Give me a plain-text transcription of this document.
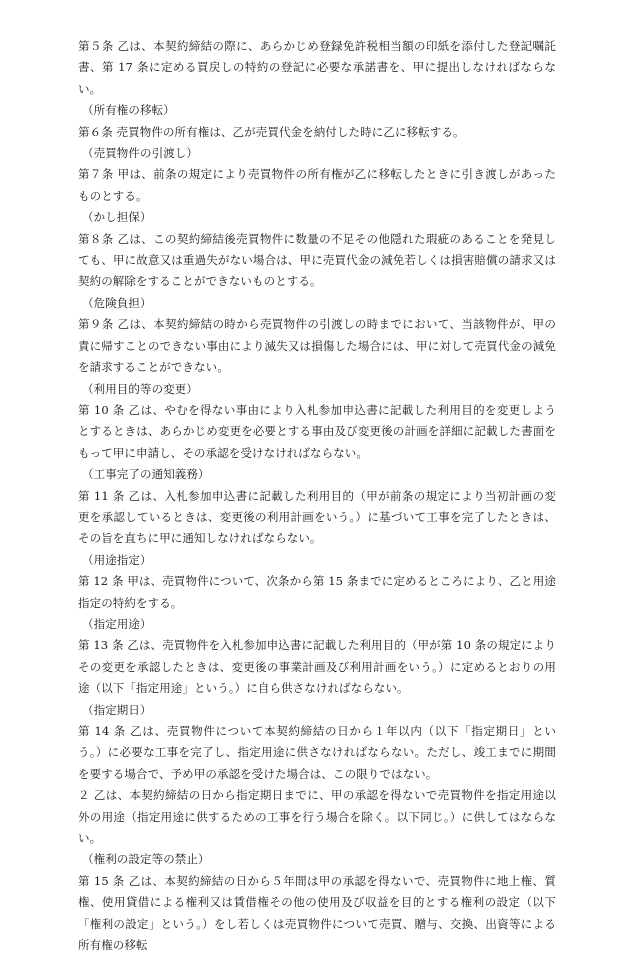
第５条 乙は、本契約締結の際に、あらかじめ登録免許税相当額の印紙を添付した登記嘱託書、第 17 条に定める買戻しの特約の登記に必要な承諾書を、甲に提出しなければならない。
（所有権の移転）
第６条 売買物件の所有権は、乙が売買代金を納付した時に乙に移転する。
（売買物件の引渡し）
第７条 甲は、前条の規定により売買物件の所有権が乙に移転したときに引き渡しがあったものとする。
（かし担保）
第８条 乙は、この契約締結後売買物件に数量の不足その他隠れた瑕疵のあることを発見しても、甲に故意又は重過失がない場合は、甲に売買代金の減免若しくは損害賠償の請求又は契約の解除をすることができないものとする。
（危険負担）
第９条 乙は、本契約締結の時から売買物件の引渡しの時までにおいて、当該物件が、甲の責に帰すことのできない事由により滅失又は損傷した場合には、甲に対して売買代金の減免を請求することができない。
（利用目的等の変更）
第 10 条 乙は、やむを得ない事由により入札参加申込書に記載した利用目的を変更しようとするときは、あらかじめ変更を必要とする事由及び変更後の計画を詳細に記載した書面をもって甲に申請し、その承認を受けなければならない。
（工事完了の通知義務）
第 11 条 乙は、入札参加申込書に記載した利用目的（甲が前条の規定により当初計画の変更を承認しているときは、変更後の利用計画をいう。）に基づいて工事を完了したときは、その旨を直ちに甲に通知しなければならない。
（用途指定）
第 12 条 甲は、売買物件について、次条から第 15 条までに定めるところにより、乙と用途指定の特約をする。
（指定用途）
第 13 条 乙は、売買物件を入札参加申込書に記載した利用目的（甲が第 10 条の規定によりその変更を承認したときは、変更後の事業計画及び利用計画をいう。）に定めるとおりの用途（以下「指定用途」という。）に自ら供さなければならない。
（指定期日）
第 14 条 乙は、売買物件について本契約締結の日から１年以内（以下「指定期日」という。）に必要な工事を完了し、指定用途に供さなければならない。ただし、竣工までに期間を要する場合で、予め甲の承認を受けた場合は、この限りではない。
２ 乙は、本契約締結の日から指定期日までに、甲の承認を得ないで売買物件を指定用途以外の用途（指定用途に供するための工事を行う場合を除く。以下同じ。）に供してはならない。
（権利の設定等の禁止）
第 15 条 乙は、本契約締結の日から５年間は甲の承認を得ないで、売買物件に地上権、質権、使用貸借による権利又は賃借権その他の使用及び収益を目的とする権利の設定（以下「権利の設定」という。）をし若しくは売買物件について売買、贈与、交換、出資等による所有権の移転
